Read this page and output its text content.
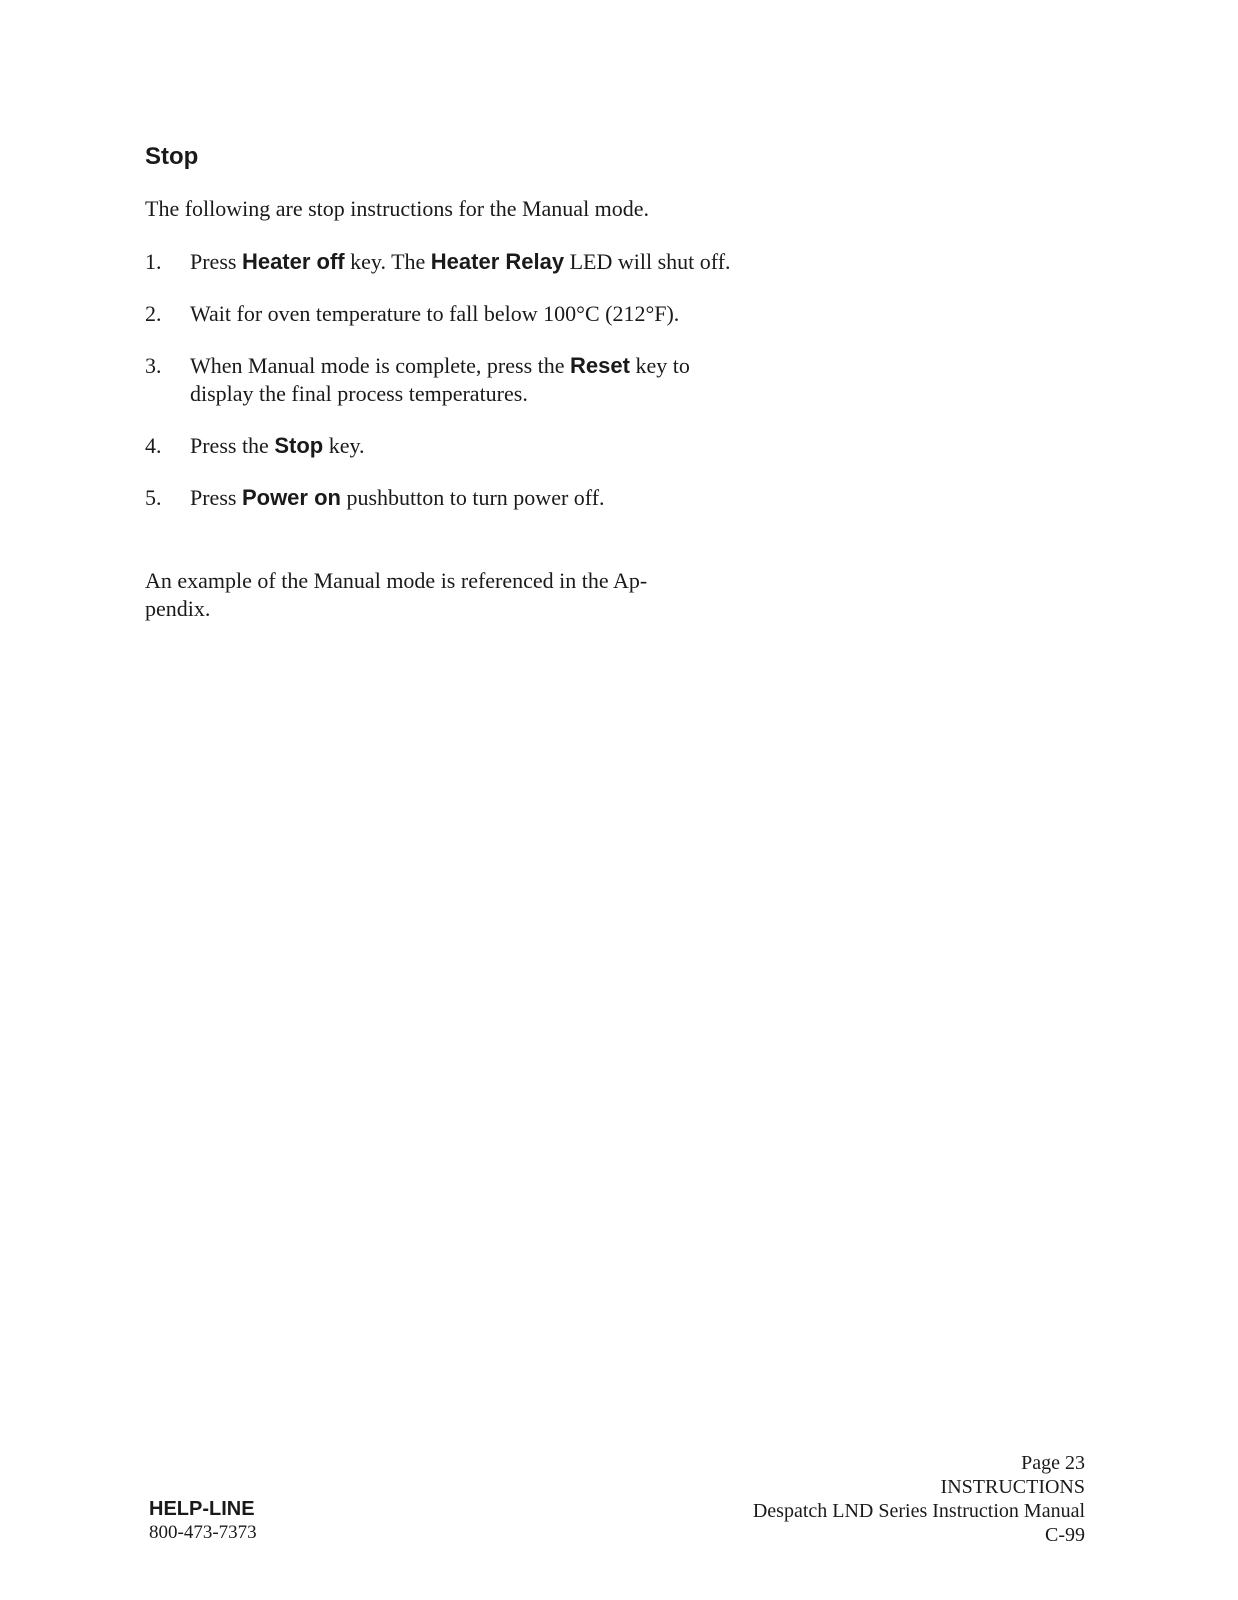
Stop

The following are stop instructions for the Manual mode.

1. Press Heater off key. The Heater Relay LED will shut off.
2. Wait for oven temperature to fall below 100°C (212°F).
3. When Manual mode is complete, press the Reset key to display the final process temperatures.
4. Press the Stop key.
5. Press Power on pushbutton to turn power off.

An example of the Manual mode is referenced in the Ap-pendix.

HELP-LINE
800-473-7373
Page 23
INSTRUCTIONS
Despatch LND Series Instruction Manual
C-99
